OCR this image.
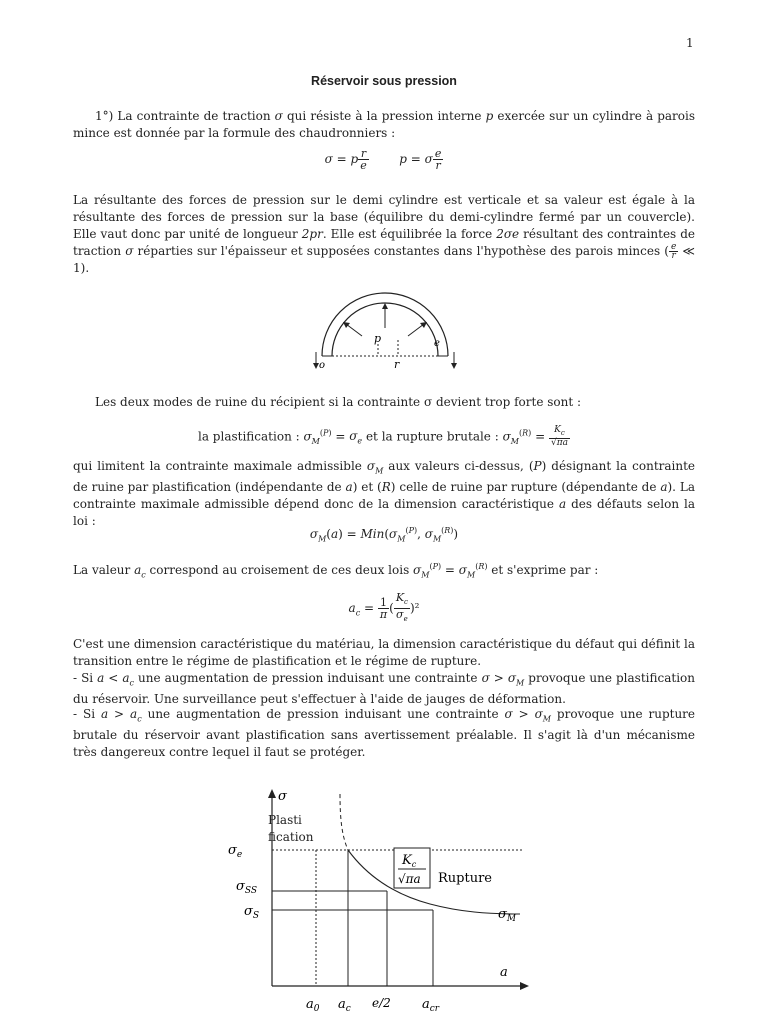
1
Réservoir sous pression

1°) La contrainte de traction σ qui résiste à la pression interne p exercée sur un cylindre à parois mince est donnée par la formule des chaudronniers :

σ = p $\frac{r}{e}$ p = σ $\frac{e}{r}$

La résultante des forces de pression sur le demi cylindre est verticale et sa valeur est égale à la résultante des forces de pression sur la base (équilibre du demi-cylindre fermé par un couvercle). Elle vaut donc par unité de longueur 2pr. Elle est équilibrée la force 2σe résultant des contraintes de traction σ réparties sur l'épaisseur et supposées constantes dans l'hypothèse des parois minces ( $\frac{e}{r}$ ≪ 1).

p	e
o	r

Les deux modes de ruine du récipient si la contrainte σ devient trop forte sont :

la plastification : $\sigma_M^{(P)} = \sigma_e$ et la rupture brutale : $\sigma_M^{(R)} = \frac{K_c}{√\pi a}$

qui limitent la contrainte maximale admissible $\sigma_M$ aux valeurs ci-dessus, (P) désignant la contrainte de ruine par plastification (indépendante de a) et (R) celle de ruine par rupture (dépendante de a). La contrainte maximale admissible dépend donc de la dimension caractéristique a des défauts selon la loi :

$\sigma_M(a) = Min(\sigma_M^{(P)}$, $\sigma_M^{(R)}$)

La valeur $a_c$ correspond au croisement de ces deux lois $\sigma_M^{(P)} = \sigma_M^{(R)}$ et s'exprime par :

$a_c = \frac{1}{\pi}$ ( $\frac{K_c}{\sigma_e} )^2$

C'est une dimension caractéristique du matériau, la dimension caractéristique du défaut qui définit la transition entre le régime de plastification et le régime de rupture.

- Si $a < a_c$ une augmentation de pression induisant une contrainte $\sigma > \sigma_M$ provoque une plastification du réservoir. Une surveillance peut s'effectuer à l'aide de jauges de déformation.

- Si $a > a_c$ une augmentation de pression induisant une contrainte $\sigma > \sigma_M$ provoque une rupture brutale du réservoir avant plastification sans avertissement préalable. Il s'agit là d'un mécanisme très dangereux contre lequel il faut se protéger.

σ
a
$\sigma_e$
$\sigma_{SS}$
$\sigma_S$	$\sigma_M$
$K_c$
√πa Rupture
$a_0$ $a_c$ e/2 $a_{cr}$
Plasti
fication
